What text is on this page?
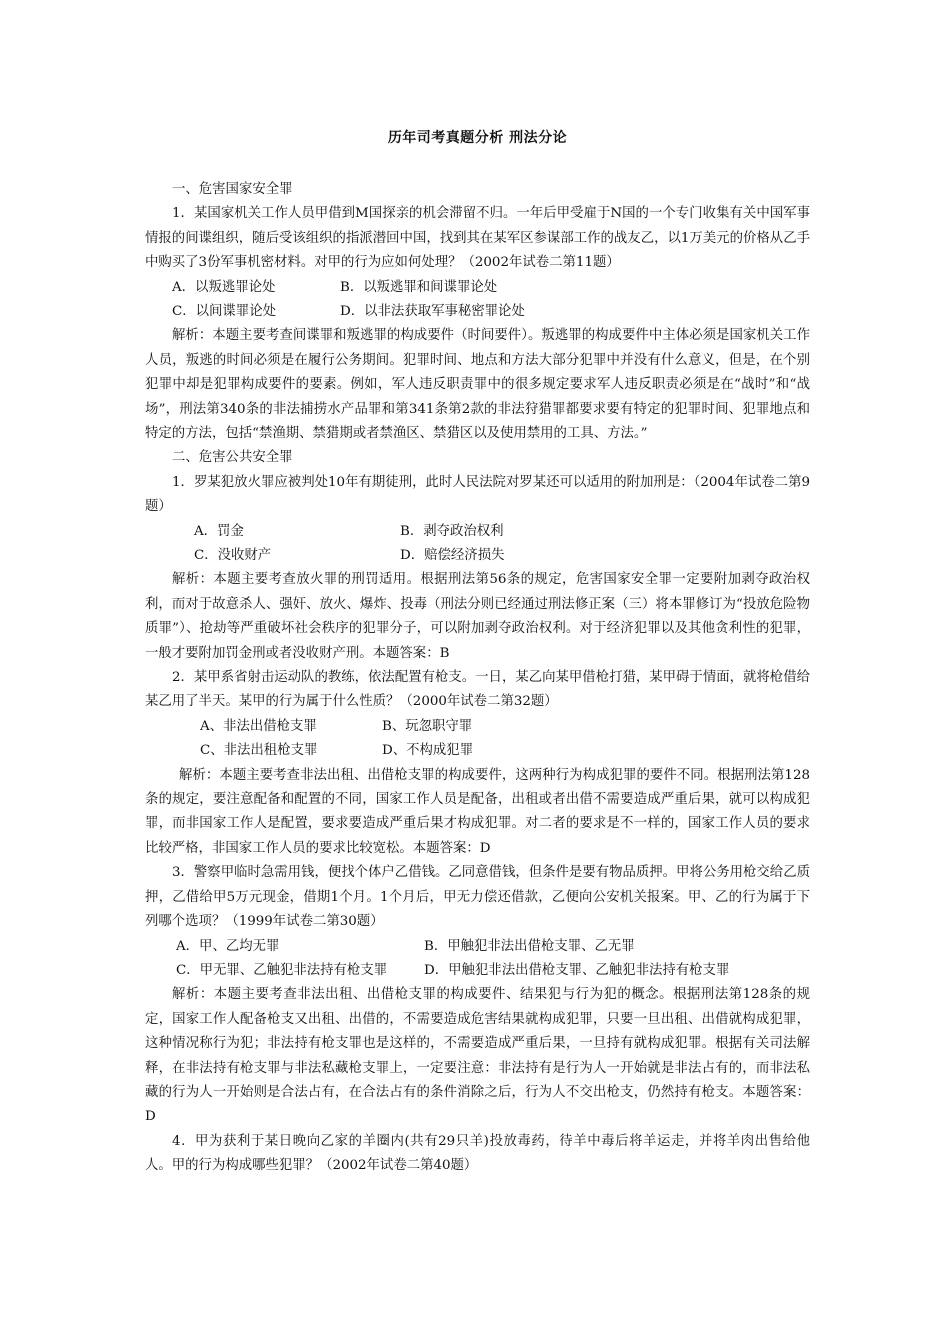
历年司考真题分析 刑法分论

一、危害国家安全罪

1．某国家机关工作人员甲借到M国探亲的机会滞留不归。一年后甲受雇于N国的一个专门收集有关中国军事情报的间谍组织，随后受该组织的指派潜回中国，找到其在某军区参谋部工作的战友乙，以1万美元的价格从乙手中购买了3份军事机密材料。对甲的行为应如何处理？（2002年试卷二第11题）

A．以叛逃罪论处	B．以叛逃罪和间谍罪论处
C．以间谍罪论处	D．以非法获取军事秘密罪论处

解析：本题主要考查间谍罪和叛逃罪的构成要件（时间要件）。叛逃罪的构成要件中主体必须是国家机关工作人员，叛逃的时间必须是在履行公务期间。犯罪时间、地点和方法大部分犯罪中并没有什么意义，但是，在个别犯罪中却是犯罪构成要件的要素。例如，军人违反职责罪中的很多规定要求军人违反职责必须是在“战时”和“战场”，刑法第340条的非法捕捞水产品罪和第341条第2款的非法狩猎罪都要求要有特定的犯罪时间、犯罪地点和特定的方法，包括“禁渔期、禁猎期或者禁渔区、禁猎区以及使用禁用的工具、方法。”

二、危害公共安全罪

1．罗某犯放火罪应被判处10年有期徒刑，此时人民法院对罗某还可以适用的附加刑是：（2004年试卷二第9题）

A．罚金	B．剥夺政治权利
C．没收财产	D．赔偿经济损失

解析：本题主要考查放火罪的刑罚适用。根据刑法第56条的规定，危害国家安全罪一定要附加剥夺政治权利，而对于故意杀人、强奸、放火、爆炸、投毒（刑法分则已经通过刑法修正案（三）将本罪修订为“投放危险物质罪”）、抢劫等严重破坏社会秩序的犯罪分子，可以附加剥夺政治权利。对于经济犯罪以及其他贪利性的犯罪，一般才要附加罚金刑或者没收财产刑。本题答案：B

2．某甲系省射击运动队的教练，依法配置有枪支。一日，某乙向某甲借枪打猎，某甲碍于情面，就将枪借给某乙用了半天。某甲的行为属于什么性质？（2000年试卷二第32题）

A、非法出借枪支罪	B、玩忽职守罪
C、非法出租枪支罪	D、不构成犯罪

解析：本题主要考查非法出租、出借枪支罪的构成要件，这两种行为构成犯罪的要件不同。根据刑法第128条的规定，要注意配备和配置的不同，国家工作人员是配备，出租或者出借不需要造成严重后果，就可以构成犯罪，而非国家工作人是配置，要求要造成严重后果才构成犯罪。对二者的要求是不一样的，国家工作人员的要求比较严格，非国家工作人员的要求比较宽松。本题答案：D

3．警察甲临时急需用钱，便找个体户乙借钱。乙同意借钱，但条件是要有物品质押。甲将公务用枪交给乙质押，乙借给甲5万元现金，借期1个月。1个月后，甲无力偿还借款，乙便向公安机关报案。甲、乙的行为属于下列哪个选项？（1999年试卷二第30题）

A．甲、乙均无罪	B．甲触犯非法出借枪支罪、乙无罪
C．甲无罪、乙触犯非法持有枪支罪	D．甲触犯非法出借枪支罪、乙触犯非法持有枪支罪

解析：本题主要考查非法出租、出借枪支罪的构成要件、结果犯与行为犯的概念。根据刑法第128条的规定，国家工作人配备枪支又出租、出借的，不需要造成危害结果就构成犯罪，只要一旦出租、出借就构成犯罪，这种情况称行为犯；非法持有枪支罪也是这样的，不需要造成严重后果，一旦持有就构成犯罪。根据有关司法解释，在非法持有枪支罪与非法私藏枪支罪上，一定要注意：非法持有是行为人一开始就是非法占有的，而非法私藏的行为人一开始则是合法占有，在合法占有的条件消除之后，行为人不交出枪支，仍然持有枪支。本题答案：D

4．甲为获利于某日晚向乙家的羊圈内(共有29只羊)投放毒药，待羊中毒后将羊运走，并将羊肉出售给他人。甲的行为构成哪些犯罪？（2002年试卷二第40题）
